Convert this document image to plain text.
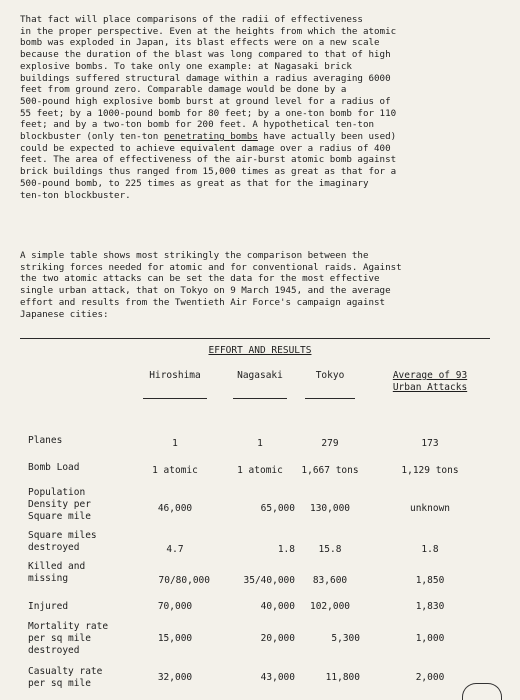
That fact will place comparisons of the radii of effectiveness
in the proper perspective. Even at the heights from which the atomic
bomb was exploded in Japan, its blast effects were on a new scale
because the duration of the blast was long compared to that of high
explosive bombs. To take only one example: at Nagasaki brick
buildings suffered structural damage within a radius averaging 6000
feet from ground zero. Comparable damage would be done by a
500-pound high explosive bomb burst at ground level for a radius of
55 feet; by a 1000-pound bomb for 80 feet; by a one-ton bomb for 110
feet; and by a two-ton bomb for 200 feet. A hypothetical ten-ton
blockbuster (only ten-ton penetrating bombs have actually been used)
could be expected to achieve equivalent damage over a radius of 400
feet. The area of effectiveness of the air-burst atomic bomb against
brick buildings thus ranged from 15,000 times as great as that for a
500-pound bomb, to 225 times as great as that for the imaginary
ten-ton blockbuster.

A simple table shows most strikingly the comparison between the
striking forces needed for atomic and for conventional raids. Against
the two atomic attacks can be set the data for the most effective
single urban attack, that on Tokyo on 9 March 1945, and the average
effort and results from the Twentieth Air Force's campaign against
Japanese cities:

EFFORT AND RESULTS
Hiroshima	Nagasaki	Tokyo	Average of 93
Urban Attacks
Planes	1	1	279	173
Bomb Load	1 atomic	1 atomic	1,667 tons	1,129 tons
Population
Density per
Square mile
46,000	65,000	130,000	unknown
Square miles
destroyed	4.7	1.8	15.8	1.8
Killed and
missing	70/80,000	35/40,000	83,600	1,850
Injured	70,000	40,000	102,000	1,830
Mortality rate
per sq mile
destroyed
15,000	20,000	5,300	1,000
Casualty rate
per sq mile
32,000	43,000	11,800	2,000
